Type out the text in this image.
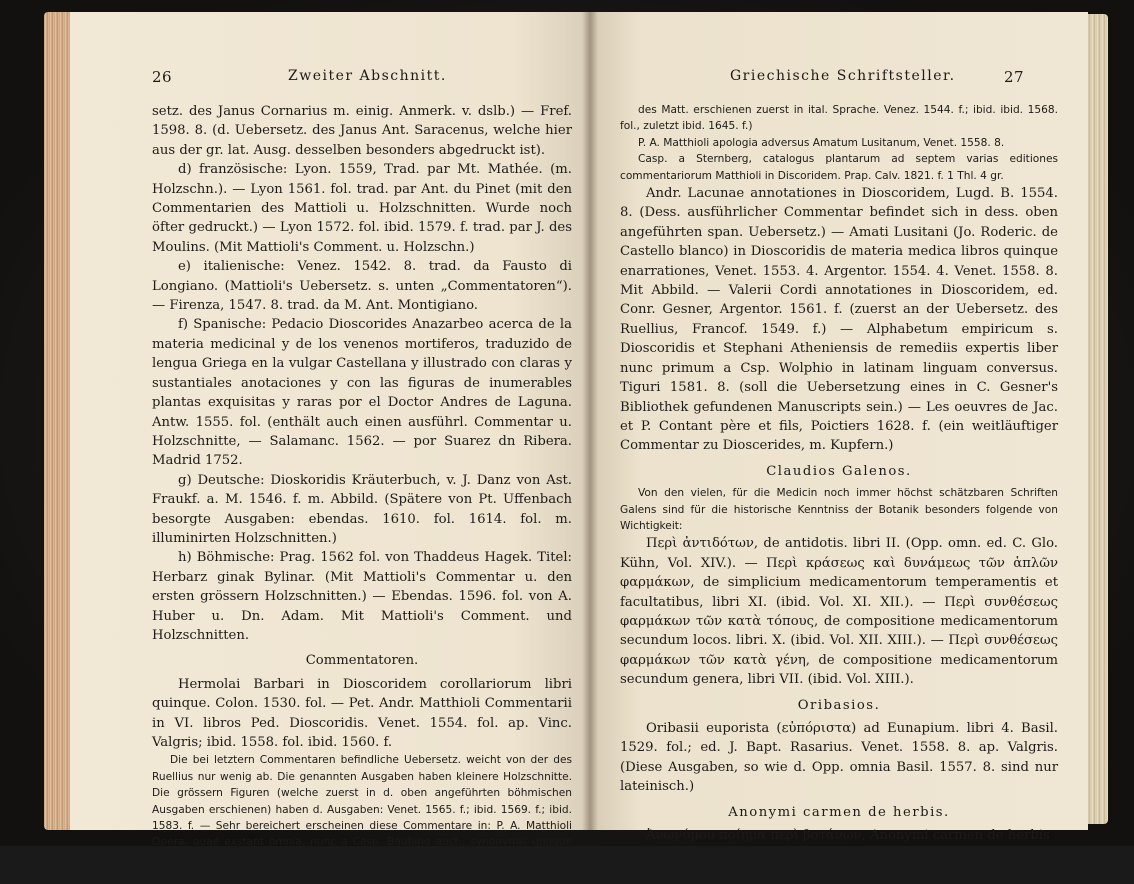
26	Zweiter Abschnitt.

setz. des Janus Cornarius m. einig. Anmerk. v. dslb.) — Fref. 1598. 8. (d. Uebersetz. des Janus Ant. Saracenus, welche hier aus der gr. lat. Ausg. desselben besonders abgedruckt ist).

d) französische: Lyon. 1559, Trad. par Mt. Mathée. (m. Holzschn.). — Lyon 1561. fol. trad. par Ant. du Pinet (mit den Commentarien des Mattioli u. Holzschnitten. Wurde noch öfter gedruckt.) — Lyon 1572. fol. ibid. 1579. f. trad. par J. des Moulins. (Mit Mattioli's Comment. u. Holzschn.)

e) italienische: Venez. 1542. 8. trad. da Fausto di Longiano. (Mattioli's Uebersetz. s. unten „Commentatoren“). — Firenza, 1547. 8. trad. da M. Ant. Montigiano.

f) Spanische: Pedacio Dioscorides Anazarbeo acerca de la materia medicinal y de los venenos mortiferos, traduzido de lengua Griega en la vulgar Castellana y illustrado con claras y sustantiales anotaciones y con las figuras de inumerables plantas exquisitas y raras por el Doctor Andres de Laguna. Antw. 1555. fol. (enthält auch einen ausführl. Commentar u. Holzschnitte, — Salamanc. 1562. — por Suarez dn Ribera. Madrid 1752.

g) Deutsche: Dioskoridis Kräuterbuch, v. J. Danz von Ast. Fraukf. a. M. 1546. f. m. Abbild. (Spätere von Pt. Uffenbach besorgte Ausgaben: ebendas. 1610. fol. 1614. fol. m. illuminirten Holzschnitten.)

h) Böhmische: Prag. 1562 fol. von Thaddeus Hagek. Titel: Herbarz ginak Bylinar. (Mit Mattioli's Commentar u. den ersten grössern Holzschnitten.) — Ebendas. 1596. fol. von A. Huber u. Dn. Adam. Mit Mattioli's Comment. und Holzschnitten.

Commentatoren.

Hermolai Barbari in Dioscoridem corollariorum libri quinque. Colon. 1530. fol. — Pet. Andr. Matthioli Commentarii in VI. libros Ped. Dioscoridis. Venet. 1554. fol. ap. Vinc. Valgris; ibid. 1558. fol. ibid. 1560. f.

Die bei letztern Commentaren befindliche Uebersetz. weicht von der des Ruellius nur wenig ab. Die genannten Ausgaben haben kleinere Holzschnitte. Die grössern Figuren (welche zuerst in d. oben angeführten böhmischen Ausgaben erschienen) haben d. Ausgaben: Venet. 1565. f.; ibid. 1569. f.; ibid. 1583. f. — Sehr bereichert erscheinen diese Commentare in: P. A. Matthioli Opera, quae exstant omnia, nunc a Casp. Bauhino auct., synonymis quoque plantarum illustrat. adj. icon. Basil. 1598. f.; ib. 1674. f. — (Der Commentar so wie die Uebersetz.

Griechische Schriftsteller.	27

des Matt. erschienen zuerst in ital. Sprache. Venez. 1544. f.; ibid. ibid. 1568. fol., zuletzt ibid. 1645. f.)

P. A. Matthioli apologia adversus Amatum Lusitanum, Venet. 1558. 8.

Casp. a Sternberg, catalogus plantarum ad septem varias editiones commentariorum Matthioli in Discoridem. Prap. Calv. 1821. f. 1 Thl. 4 gr.

Andr. Lacunae annotationes in Dioscoridem, Lugd. B. 1554. 8. (Dess. ausführlicher Commentar befindet sich in dess. oben angeführten span. Uebersetz.) — Amati Lusitani (Jo. Roderic. de Castello blanco) in Dioscoridis de materia medica libros quinque enarrationes, Venet. 1553. 4. Argentor. 1554. 4. Venet. 1558. 8. Mit Abbild. — Valerii Cordi annotationes in Dioscoridem, ed. Conr. Gesner, Argentor. 1561. f. (zuerst an der Uebersetz. des Ruellius, Francof. 1549. f.) — Alphabetum empiricum s. Dioscoridis et Stephani Atheniensis de remediis expertis liber nunc primum a Csp. Wolphio in latinam linguam conversus. Tiguri 1581. 8. (soll die Uebersetzung eines in C. Gesner's Bibliothek gefundenen Manuscripts sein.) — Les oeuvres de Jac. et P. Contant père et fils, Poictiers 1628. f. (ein weitläuftiger Commentar zu Dioscerides, m. Kupfern.)

Claudios Galenos.

Von den vielen, für die Medicin noch immer höchst schätzbaren Schriften Galens sind für die historische Kenntniss der Botanik besonders folgende von Wichtigkeit:

Περὶ ἀντιδότων, de antidotis. libri II. (Opp. omn. ed. C. Glo. Kühn, Vol. XIV.). — Περὶ κράσεως καὶ δυνάμεως τῶν ἁπλῶν φαρμάκων, de simplicium medicamentorum temperamentis et facultatibus, libri XI. (ibid. Vol. XI. XII.). — Περὶ συνθέσεως φαρμάκων τῶν κατὰ τόπους, de compositione medicamentorum secundum locos. libri. X. (ibid. Vol. XII. XIII.). — Περὶ συνθέσεως φαρμάκων τῶν κατὰ γένη, de compositione medicamentorum secundum genera, libri VII. (ibid. Vol. XIII.).

Oribasios.

Oribasii euporista (εὐπόριστα) ad Eunapium. libri 4. Basil. 1529. fol.; ed. J. Bapt. Rasarius. Venet. 1558. 8. ap. Valgris. (Diese Ausgaben, so wie d. Opp. omnia Basil. 1557. 8. sind nur lateinisch.)

Anonymi carmen de herbis.

Ἀνωνύμου ποίημα περὶ βοτάνων, Anonymi carmen de herbis
